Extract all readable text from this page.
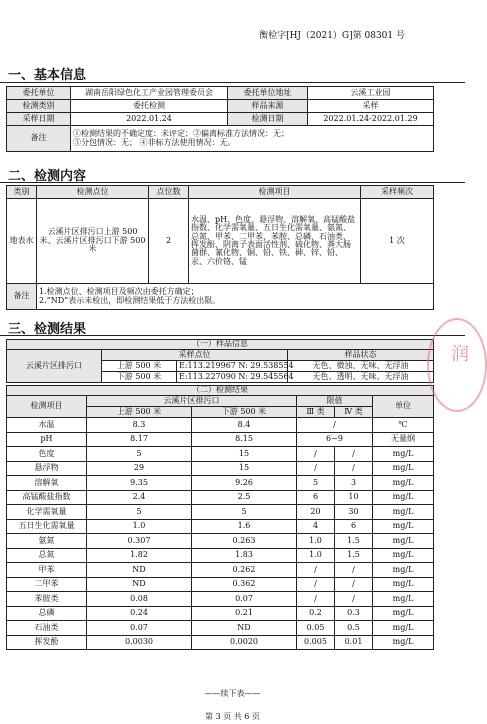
衡检字[HJ（2021）G]第 08301 号
一、基本信息
委托单位	湖南岳阳绿色化工产业园管理委员会	委托单位地址	云溪工业园
检测类别	委托检测	样品来源	采样
采样日期	2022.01.24	检测日期	2022.01.24-2022.01.29
备注	①检测结果的不确定度：未评定；②偏离标准方法情况：无；
③分包情况：无； ④非标方法使用情况：无。		
二、检测内容
类别	检测点位	点位数	检测项目	采样频次
地表水	云溪片区排污口上游 500 米、云溪片区排污口下游 500 米	2	水温、pH、色度、悬浮物、溶解氧、高锰酸盐指数、化学需氧量、五日生化需氧量、氨氮、总氮、甲苯、二甲苯、苯胺、总磷、石油类、挥发酚、阴离子表面活性剂、硫化物、粪大肠菌群、氰化物、铜、铅、铁、砷、锌、铅、汞、六价铬、锰	1 次
备注	1.检测点位、检测项目及频次由委托方确定；
2.“ND”表示未检出，即检测结果低于方法检出限。			
三、检测结果
（一）样品信息			
云溪片区排污口	采样点位		样品状态
	上游 500 米	E:113.219967 N: 29.538554	无色、微浊、无味、无浮油
	下游 500 米	E:113.227090 N: 29.545564	无色、透明、无味、无浮油
（二）检测结果					
检测项目	云溪片区排污口		限值		单位
	上游 500 米	下游 500 米	Ⅲ 类	Ⅳ 类	
水温	8.3	8.4	/		℃
pH	8.17	8.15	6~9		无量纲
色度	5	15	/	/	mg/L
悬浮物	29	15	/	/	mg/L
溶解氧	9.35	9.26	5	3	mg/L
高锰酸盐指数	2.4	2.5	6	10	mg/L
化学需氧量	5	5	20	30	mg/L
五日生化需氧量	1.0	1.6	4	6	mg/L
氨氮	0.307	0.263	1.0	1.5	mg/L
总氮	1.82	1.83	1.0	1.5	mg/L
甲苯	ND	0.262	/	/	mg/L
二甲苯	ND	0.362	/	/	mg/L
苯胺类	0.08	0.07	/	/	mg/L
总磷	0.24	0.21	0.2	0.3	mg/L
石油类	0.07	ND	0.05	0.5	mg/L
挥发酚	0.0030	0.0020	0.005	0.01	mg/L
第 3 页 共 6 页
——续下表——
润
